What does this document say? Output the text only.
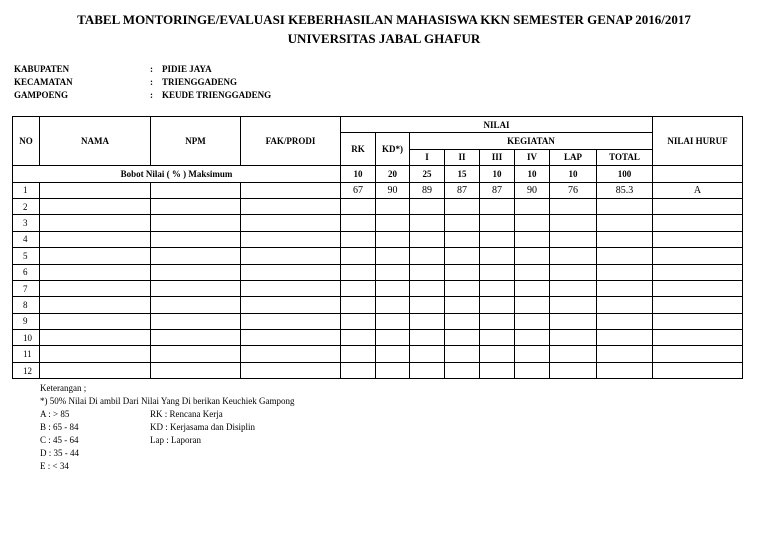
TABEL MONTORINGE/EVALUASI KEBERHASILAN MAHASISWA KKN SEMESTER GENAP 2016/2017
UNIVERSITAS JABAL GHAFUR
KABUPATEN	:	PIDIE JAYA
KECAMATAN	:	TRIENGGADENG
GAMPOENG	:	KEUDE TRIENGGADENG
NO	NAMA	NPM	FAK/PRODI	NILAI								NILAI HURUF
				RK	KD*)	KEGIATAN						
						I	II	III	IV	LAP	TOTAL	
Bobot Nilai ( % ) Maksimum				10	20	25	15	10	10	10	100	
1				67	90	89	87	87	90	76	85.3	A
2												
3												
4												
5												
6												
7												
8												
9												
10												
11												
12												
Keterangan ;
*) 50% Nilai Di ambil Dari Nilai Yang Di berikan Keuchiek Gampong
A : > 85	RK : Rencana Kerja
B : 65 - 84	KD : Kerjasama dan Disiplin
C : 45 - 64	Lap : Laporan
D : 35 - 44
E : < 34
